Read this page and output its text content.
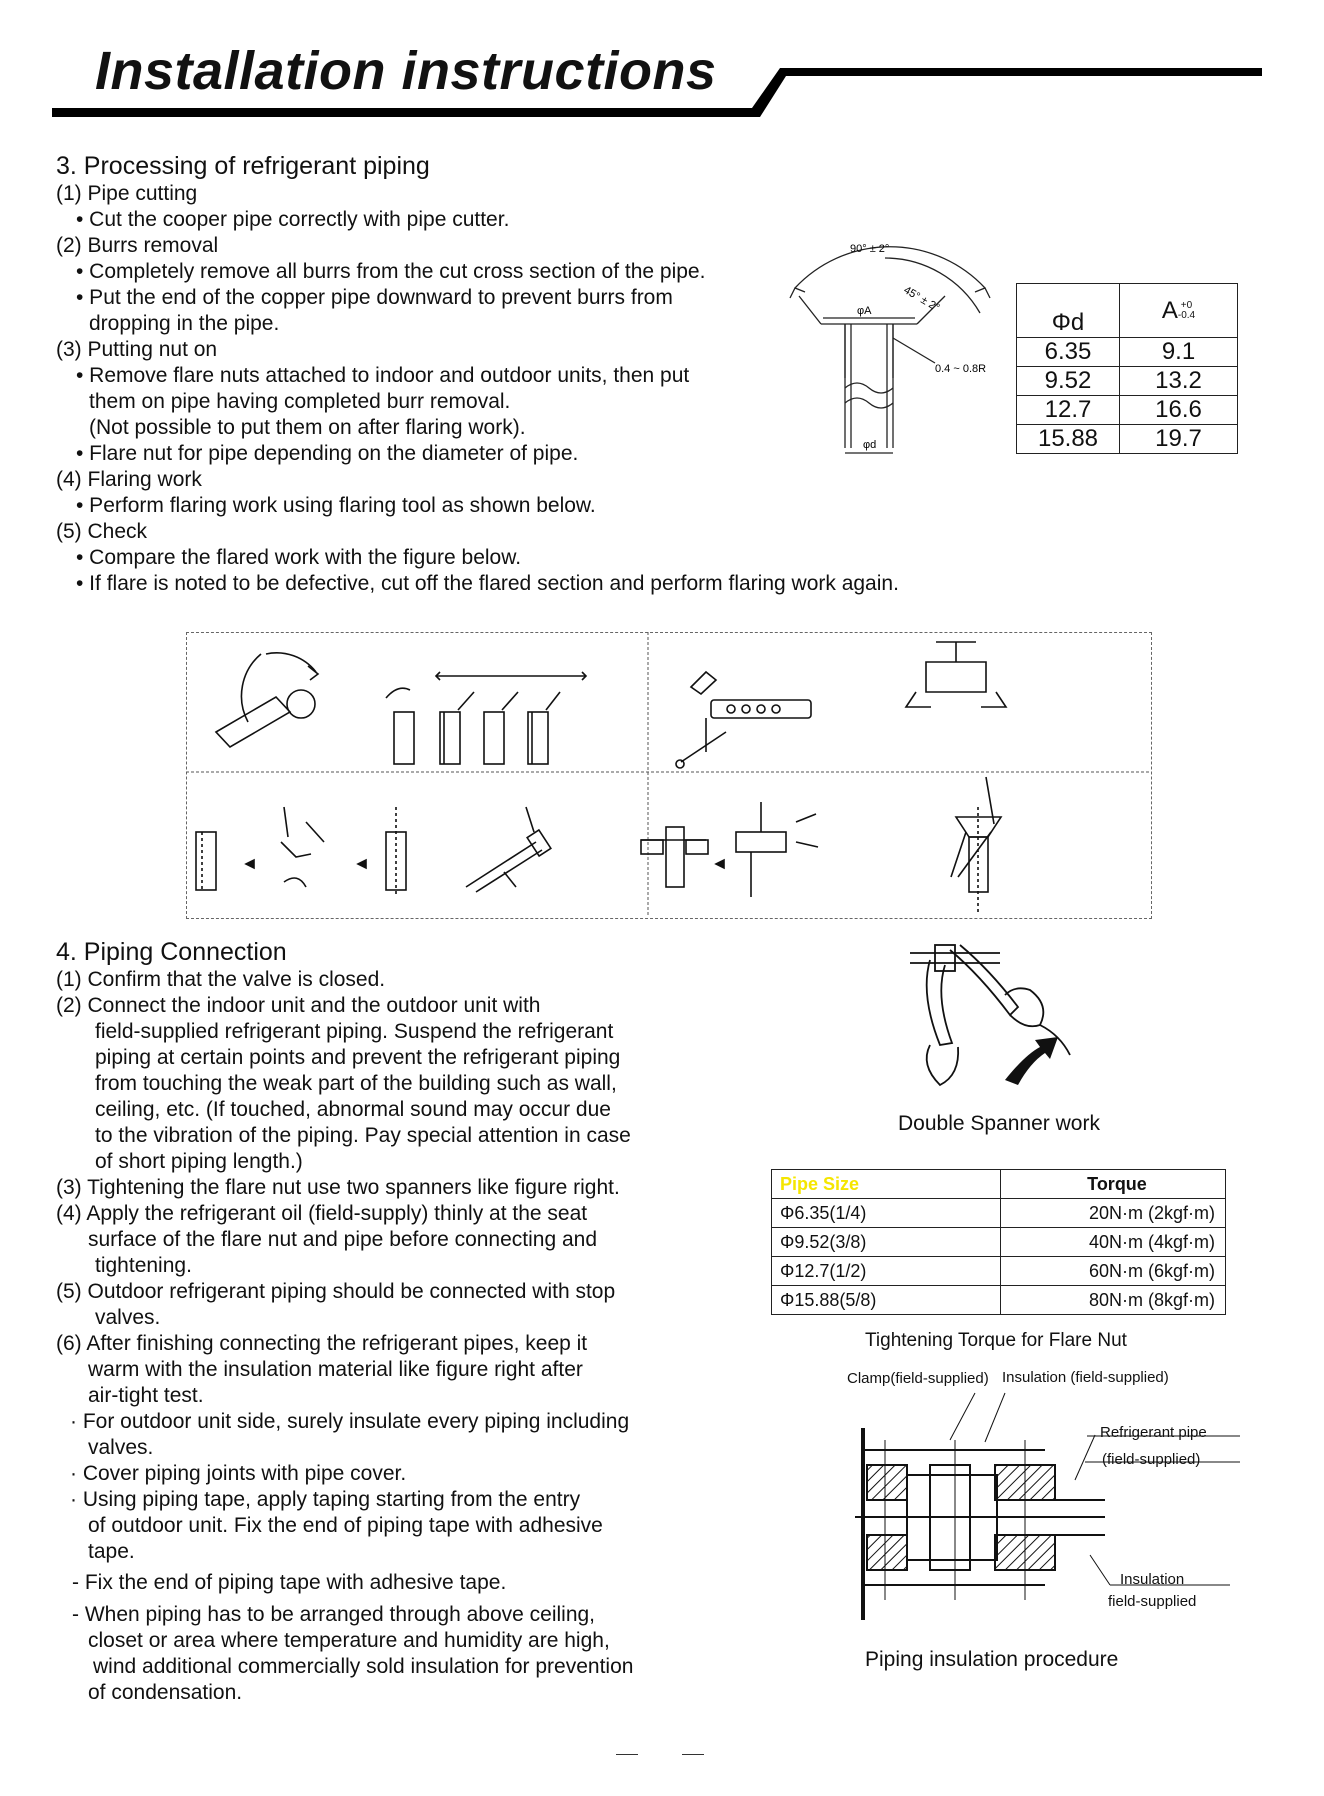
Installation instructions
3. Processing of refrigerant piping
(1) Pipe cutting
• Cut the cooper pipe correctly with pipe cutter.
(2) Burrs removal
• Completely remove all burrs from the cut cross section of the pipe.
• Put the end of the copper pipe downward to prevent burrs from
dropping in the pipe.
(3) Putting nut on
• Remove flare nuts attached to indoor and outdoor units, then put
them on pipe having completed burr removal.
(Not possible to put them on after flaring work).
• Flare nut for pipe depending on the diameter of pipe.
(4) Flaring work
• Perform flaring work using flaring tool as shown below.
(5) Check
• Compare the flared work with the figure below.
• If flare is noted to be defective, cut off the flared section and perform flaring work again.
90° ± 2°
45° ± 2°
φA
0.4 ~ 0.8R
φd
Φd	A +0
-0.4
6.35	9.1
9.52	13.2
12.7	16.6
15.88	19.7
4. Piping Connection
(1) Confirm that the valve is closed.
(2) Connect the indoor unit and the outdoor unit with
field-supplied refrigerant piping. Suspend the refrigerant
piping at certain points and prevent the refrigerant piping
from touching the weak part of the building such as wall,
ceiling, etc. (If touched, abnormal sound may occur due
to the vibration of the piping. Pay special attention in case
of short piping length.)
(3) Tightening the flare nut use two spanners like figure right.
(4) Apply the refrigerant oil (field-supply) thinly at the seat
surface of the flare nut and pipe before connecting and
tightening.
(5) Outdoor refrigerant piping should be connected with stop
valves.
(6) After finishing connecting the refrigerant pipes, keep it
warm with the insulation material like figure right after
air-tight test.
· For outdoor unit side, surely insulate every piping including
valves.
· Cover piping joints with pipe cover.
· Using piping tape, apply taping starting from the entry
of outdoor unit. Fix the end of piping tape with adhesive
tape.
- Fix the end of piping tape with adhesive tape.
- When piping has to be arranged through above ceiling,
closet or area where temperature and humidity are high,
wind additional commercially sold insulation for prevention
of condensation.
Double Spanner work
Pipe Size	Torque
Φ6.35(1/4)	20N·m (2kgf·m)
Φ9.52(3/8)	40N·m (4kgf·m)
Φ12.7(1/2)	60N·m (6kgf·m)
Φ15.88(5/8)	80N·m (8kgf·m)
Tightening Torque for Flare Nut
Clamp(field-supplied) Insulation (field-supplied)
Refrigerant pipe
(field-supplied)
Insulation
field-supplied
Piping insulation procedure
